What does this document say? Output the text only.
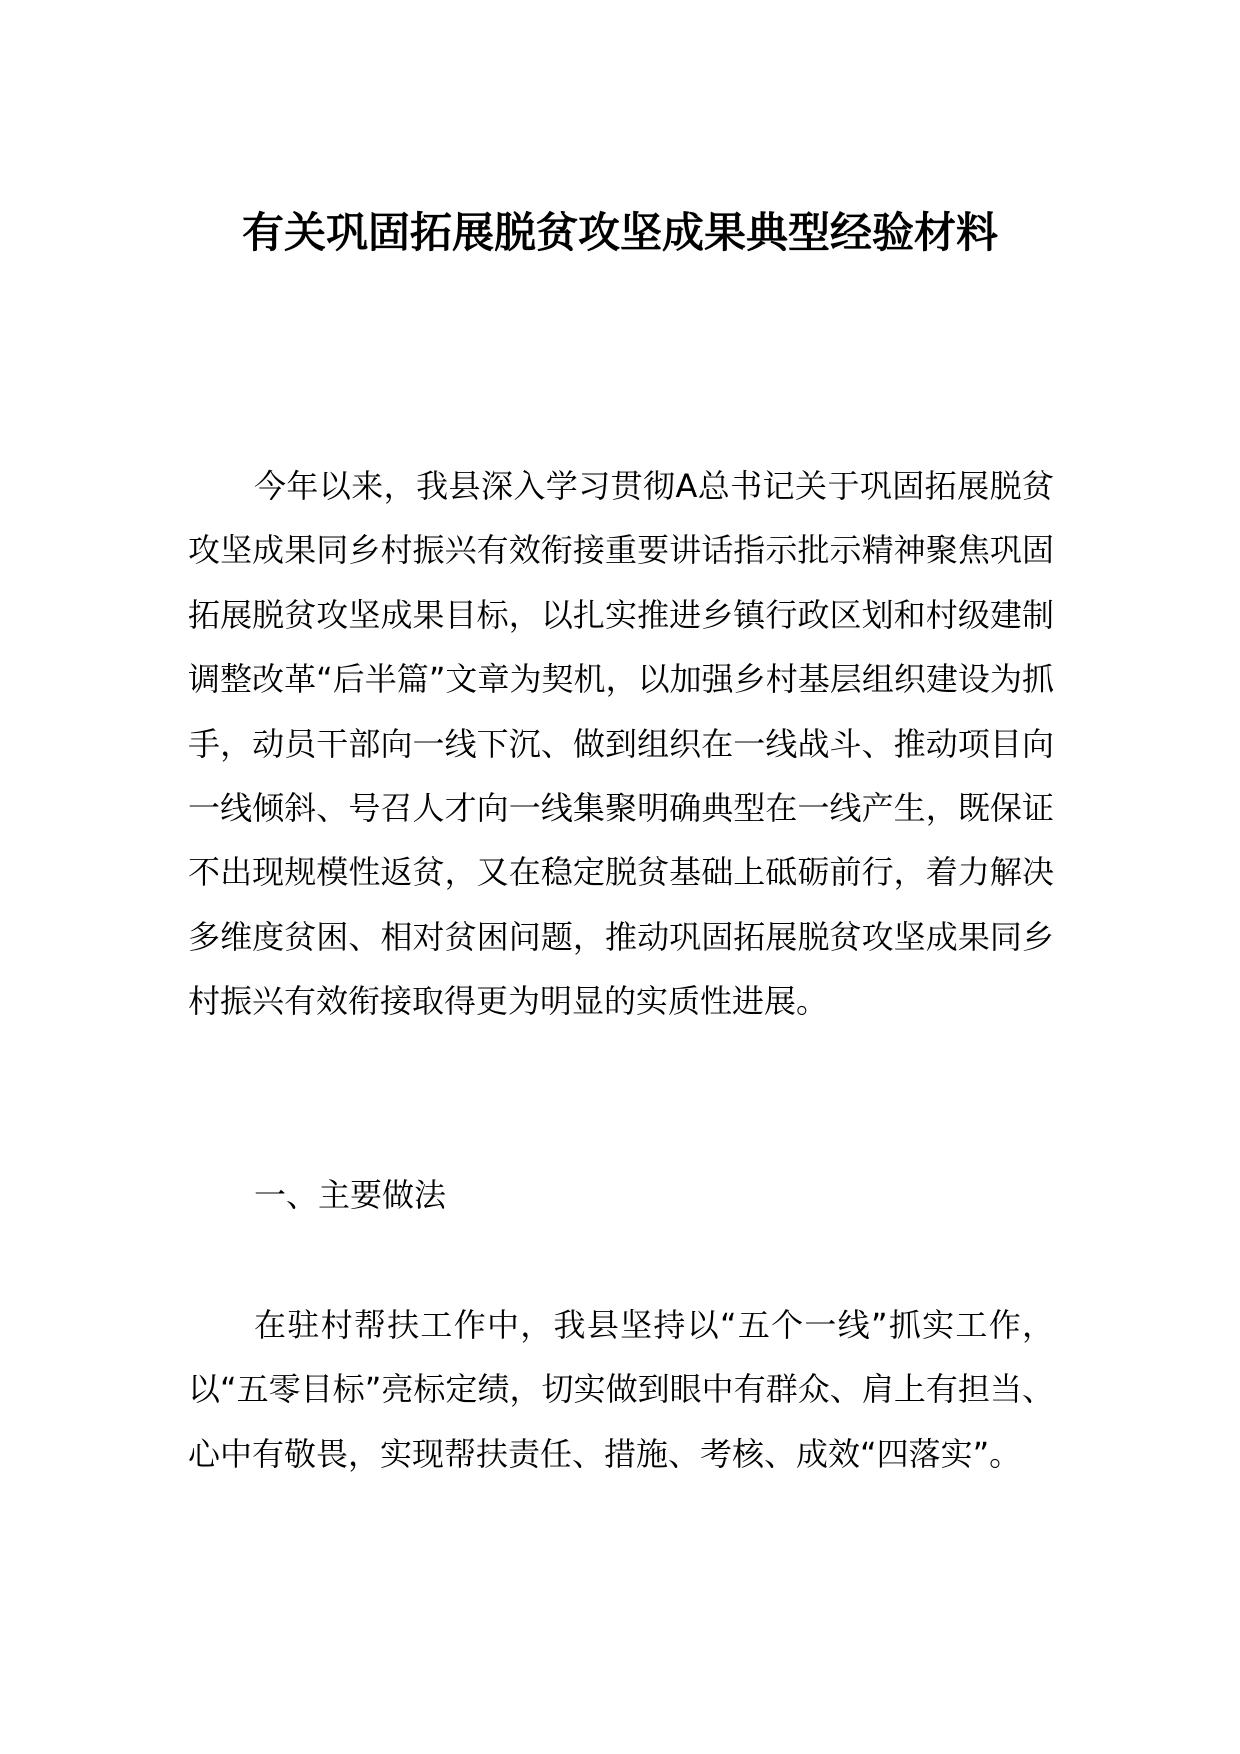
有关巩固拓展脱贫攻坚成果典型经验材料

今年以来，我县深入学习贯彻A总书记关于巩固拓展脱贫攻坚成果同乡村振兴有效衔接重要讲话指示批示精神聚焦巩固拓展脱贫攻坚成果目标，以扎实推进乡镇行政区划和村级建制调整改革“后半篇”文章为契机，以加强乡村基层组织建设为抓手，动员干部向一线下沉、做到组织在一线战斗、推动项目向一线倾斜、号召人才向一线集聚明确典型在一线产生，既保证不出现规模性返贫，又在稳定脱贫基础上砥砺前行，着力解决多维度贫困、相对贫困问题，推动巩固拓展脱贫攻坚成果同乡村振兴有效衔接取得更为明显的实质性进展。

一、主要做法

在驻村帮扶工作中，我县坚持以“五个一线”抓实工作，以“五零目标”亮标定绩，切实做到眼中有群众、肩上有担当、心中有敬畏，实现帮扶责任、措施、考核、成效“四落实”。
